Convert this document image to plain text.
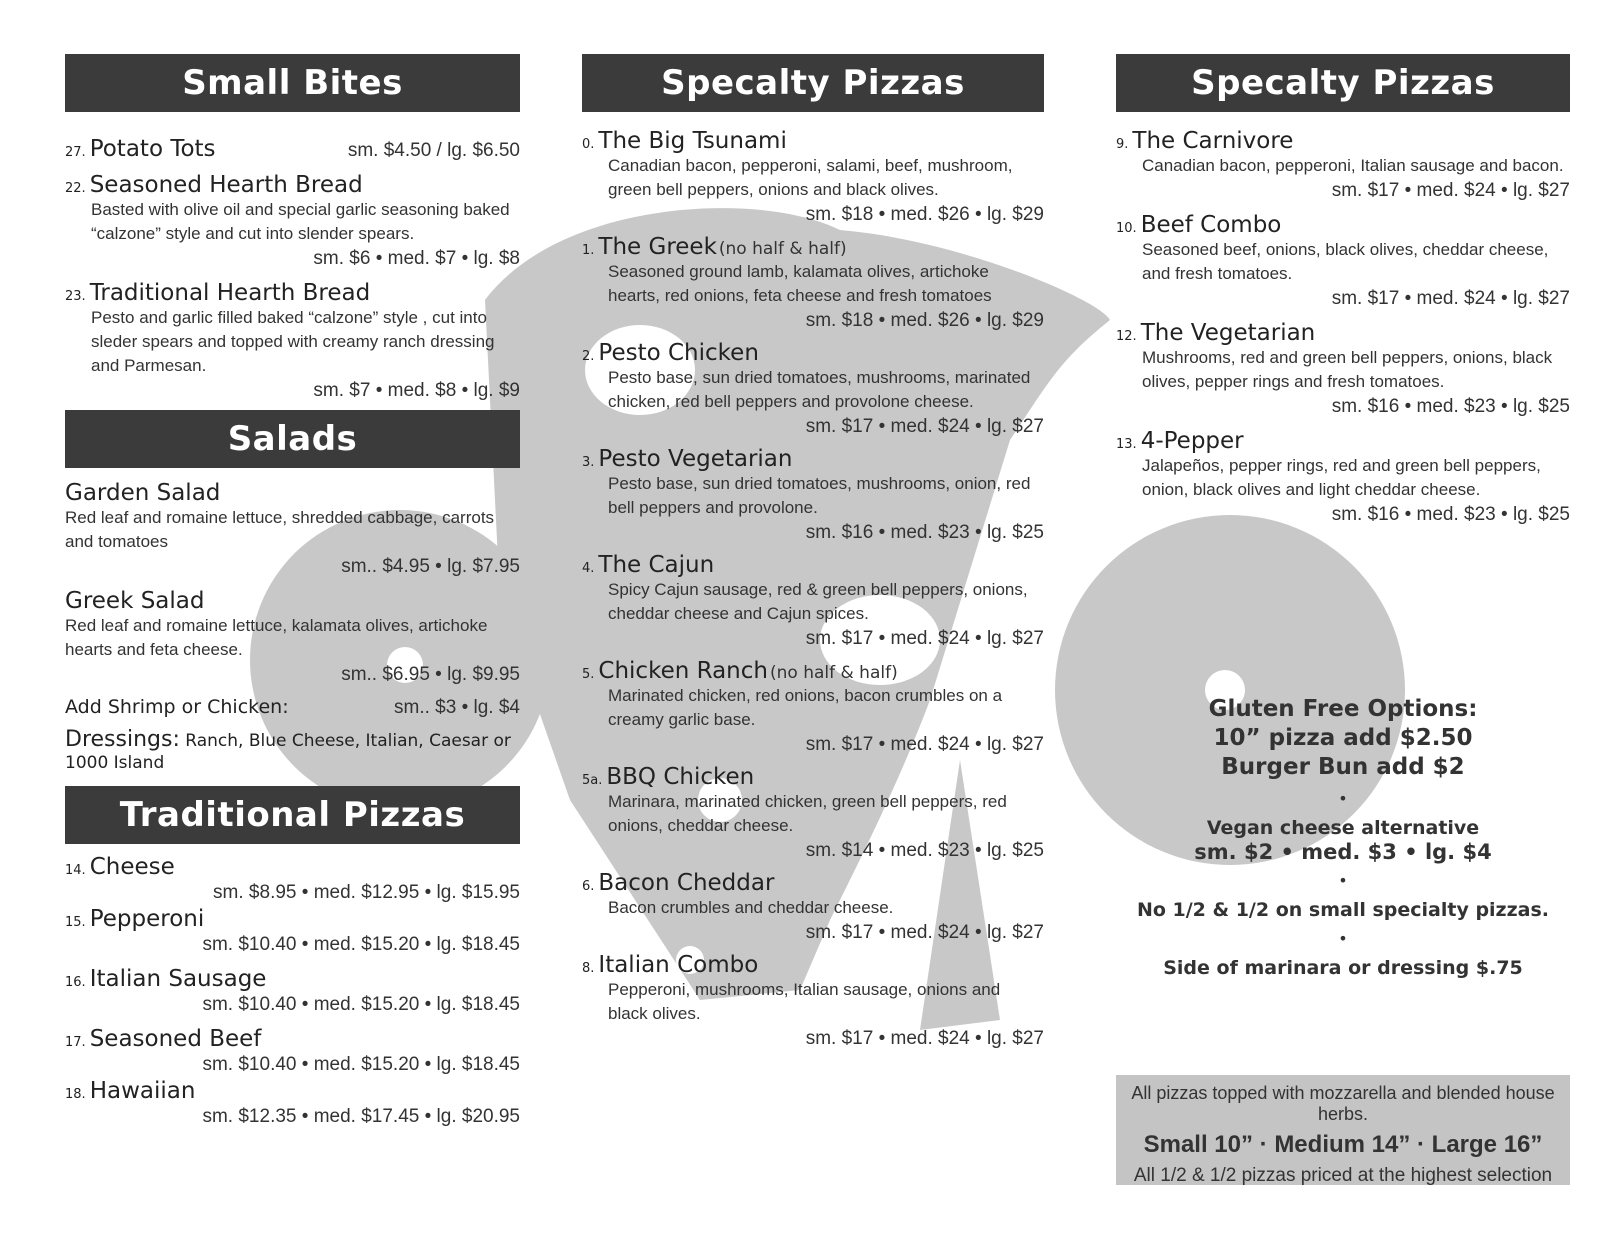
Small Bites
27. Potato Tots	sm. $4.50 / lg. $6.50
22. Seasoned Hearth Bread
Basted with olive oil and special garlic seasoning baked “calzone” style and cut into slender spears.
sm. $6 • med. $7 • lg. $8
23. Traditional Hearth Bread
Pesto and garlic filled baked “calzone” style , cut into sleder spears and topped with creamy ranch dressing and Parmesan.
sm. $7 • med. $8 • lg. $9
Salads
Garden Salad
Red leaf and romaine lettuce, shredded cabbage, carrots and tomatoes
sm.. $4.95 • lg. $7.95
Greek Salad
Red leaf and romaine lettuce, kalamata olives, artichoke hearts and feta cheese.
sm.. $6.95 • lg. $9.95
Add Shrimp or Chicken:	sm.. $3 • lg. $4
Dressings: Ranch, Blue Cheese, Italian, Caesar or 1000 Island
Traditional Pizzas
14. Cheese
sm. $8.95 • med. $12.95 • lg. $15.95
15. Pepperoni
sm. $10.40 • med. $15.20 • lg. $18.45
16. Italian Sausage
sm. $10.40 • med. $15.20 • lg. $18.45
17. Seasoned Beef
sm. $10.40 • med. $15.20 • lg. $18.45
18. Hawaiian
sm. $12.35 • med. $17.45 • lg. $20.95
Specalty Pizzas
0. The Big Tsunami
Canadian bacon, pepperoni, salami, beef, mushroom, green bell peppers, onions and black olives.
sm. $18 • med. $26 • lg. $29
1. The Greek (no half & half)
Seasoned ground lamb, kalamata olives, artichoke hearts, red onions, feta cheese and fresh tomatoes
sm. $18 • med. $26 • lg. $29
2. Pesto Chicken
Pesto base, sun dried tomatoes, mushrooms, marinated chicken, red bell peppers and provolone cheese.
sm. $17 • med. $24 • lg. $27
3. Pesto Vegetarian
Pesto base, sun dried tomatoes, mushrooms, onion, red bell peppers and provolone.
sm. $16 • med. $23 • lg. $25
4. The Cajun
Spicy Cajun sausage, red & green bell peppers, onions, cheddar cheese and Cajun spices.
sm. $17 • med. $24 • lg. $27
5. Chicken Ranch (no half & half)
Marinated chicken, red onions, bacon crumbles on a creamy garlic base.
sm. $17 • med. $24 • lg. $27
5a. BBQ Chicken
Marinara, marinated chicken, green bell peppers, red onions, cheddar cheese.
sm. $14 • med. $23 • lg. $25
6. Bacon Cheddar
Bacon crumbles and cheddar cheese.
sm. $17 • med. $24 • lg. $27
8. Italian Combo
Pepperoni, mushrooms, Italian sausage, onions and black olives.
sm. $17 • med. $24 • lg. $27
Specalty Pizzas
9. The Carnivore
Canadian bacon, pepperoni, Italian sausage and bacon.
sm. $17 • med. $24 • lg. $27
10. Beef Combo
Seasoned beef, onions, black olives, cheddar cheese, and fresh tomatoes.
sm. $17 • med. $24 • lg. $27
12. The Vegetarian
Mushrooms, red and green bell peppers, onions, black olives, pepper rings and fresh tomatoes.
sm. $16 • med. $23 • lg. $25
13. 4-Pepper
Jalapeños, pepper rings, red and green bell peppers, onion, black olives and light cheddar cheese.
sm. $16 • med. $23 • lg. $25
Gluten Free Options:
10” pizza add $2.50
Burger Bun add $2
•
Vegan cheese alternative
sm. $2 • med. $3 • lg. $4
•
No 1/2 & 1/2 on small specialty pizzas.
•
Side of marinara or dressing $.75
All pizzas topped with mozzarella and blended house herbs.
Small 10” · Medium 14” · Large 16”
All 1/2 & 1/2 pizzas priced at the highest selection
